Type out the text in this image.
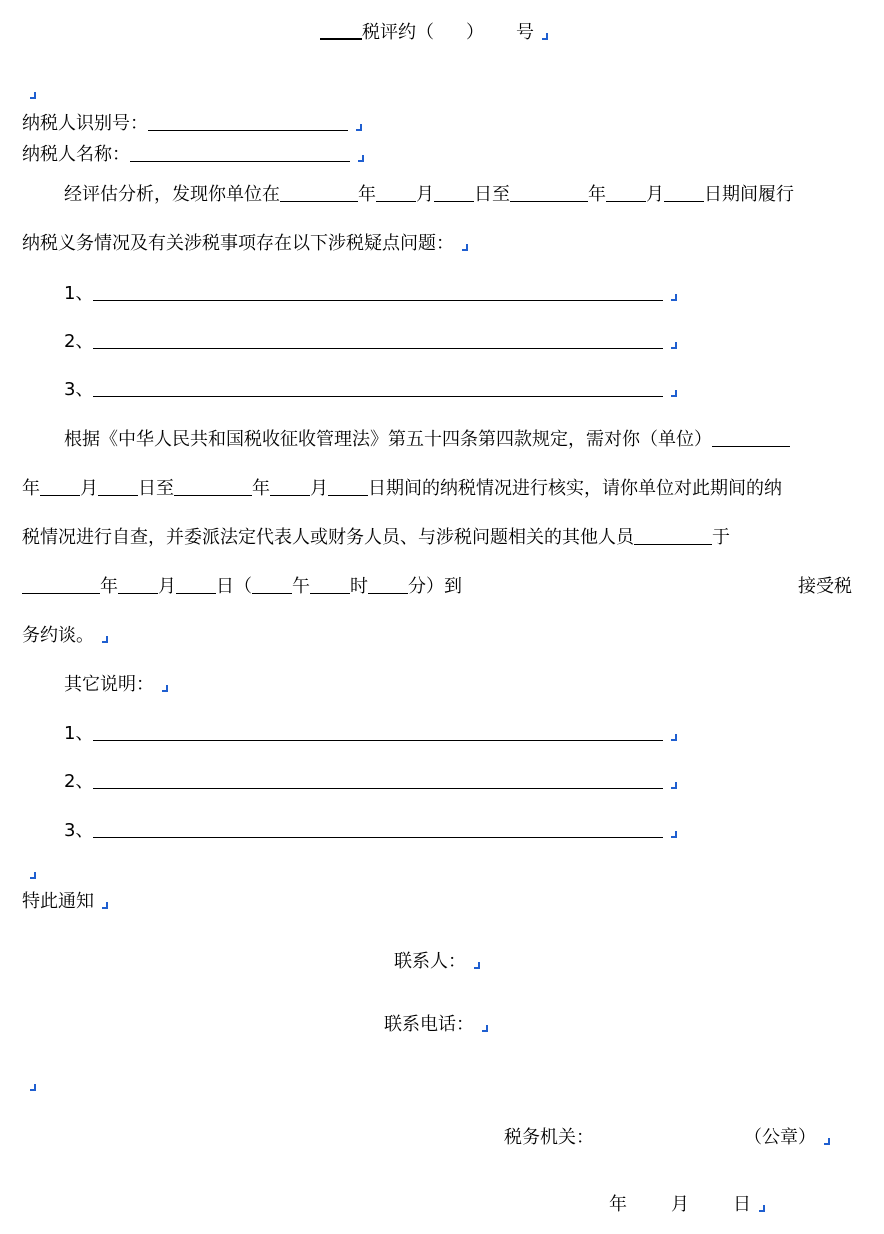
税评约（ ） 号
纳税人识别号：
纳税人名称：
经评估分析，发现你单位在	年 月 日至	年 月 日期间履行
纳税义务情况及有关涉税事项存在以下涉税疑点问题：
1、
2、
3、
根据《中华人民共和国税收征收管理法》第五十四条第四款规定，需对你（单位）
年 月 日至	年 月 日期间的纳税情况进行核实，请你单位对此期间的纳
税情况进行自查，并委派法定代表人或财务人员、与涉税问题相关的其他人员	于
年 月 日（ 午 时 分）到	接受税
务约谈。
其它说明：
1、
2、
3、
特此通知
联系人：
联系电话：
税务机关：	（公章）
年 月 日
